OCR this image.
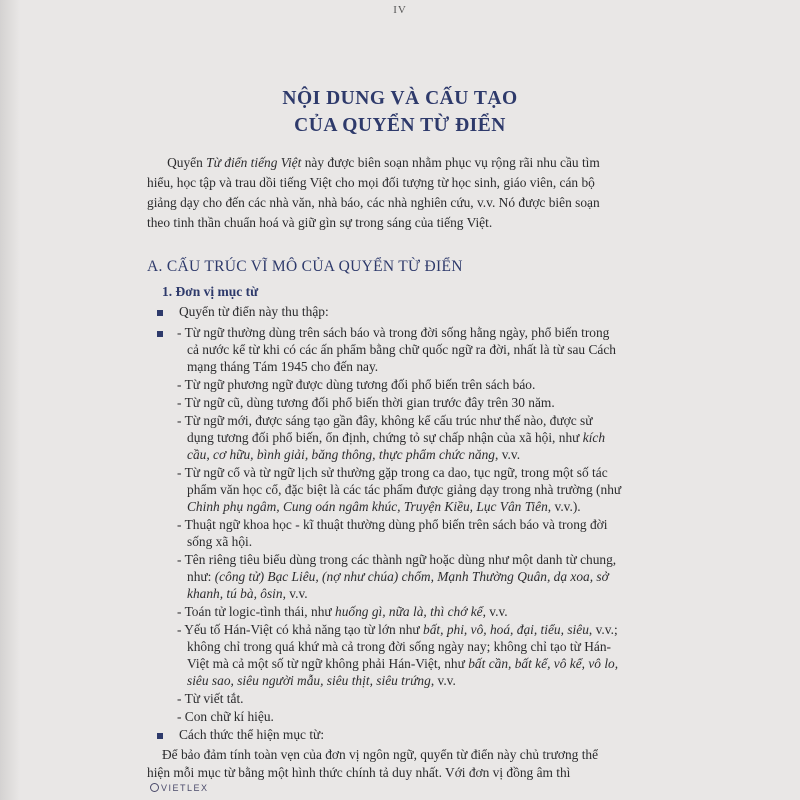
IV
NỘI DUNG VÀ CẤU TẠO
CỦA QUYỂN TỪ ĐIỂN

  Quyển Từ điển tiếng Việt này được biên soạn nhằm phục vụ rộng rãi nhu cầu tìm
hiểu, học tập và trau dồi tiếng Việt cho mọi đối tượng từ học sinh, giáo viên, cán bộ
giảng dạy cho đến các nhà văn, nhà báo, các nhà nghiên cứu, v.v. Nó được biên soạn
theo tinh thần chuẩn hoá và giữ gìn sự trong sáng của tiếng Việt.

A. CẤU TRÚC VĨ MÔ CỦA QUYỂN TỪ ĐIỂN
1. Đơn vị mục từ
Quyển từ điển này thu thập:
- Từ ngữ thường dùng trên sách báo và trong đời sống hằng ngày, phổ biến trong
cả nước kể từ khi có các ấn phẩm bằng chữ quốc ngữ ra đời, nhất là từ sau Cách
mạng tháng Tám 1945 cho đến nay.
- Từ ngữ phương ngữ được dùng tương đối phổ biến trên sách báo.
- Từ ngữ cũ, dùng tương đối phổ biến thời gian trước đây trên 30 năm.
- Từ ngữ mới, được sáng tạo gần đây, không kể cấu trúc như thế nào, được sử
dụng tương đối phổ biến, ổn định, chứng tỏ sự chấp nhận của xã hội, như kích
cầu, cơ hữu, bình giải, băng thông, thực phẩm chức năng, v.v.
- Từ ngữ cổ và từ ngữ lịch sử thường gặp trong ca dao, tục ngữ, trong một số tác
phẩm văn học cổ, đặc biệt là các tác phẩm được giảng dạy trong nhà trường (như
Chinh phụ ngâm, Cung oán ngâm khúc, Truyện Kiều, Lục Vân Tiên, v.v.).
- Thuật ngữ khoa học - kĩ thuật thường dùng phổ biến trên sách báo và trong đời
sống xã hội.
- Tên riêng tiêu biểu dùng trong các thành ngữ hoặc dùng như một danh từ chung,
như: (công tử) Bạc Liêu, (nợ như chúa) chổm, Mạnh Thường Quân, dạ xoa, sở
khanh, tú bà, ôsin, v.v.
- Toán tử logic-tình thái, như huống gì, nữa là, thì chớ kể, v.v.
- Yếu tố Hán-Việt có khả năng tạo từ lớn như bất, phi, vô, hoá, đại, tiểu, siêu, v.v.;
không chỉ trong quá khứ mà cả trong đời sống ngày nay; không chỉ tạo từ Hán-
Việt mà cả một số từ ngữ không phải Hán-Việt, như bất cần, bất kể, vô kể, vô lo,
siêu sao, siêu người mẫu, siêu thịt, siêu trứng, v.v.
- Từ viết tắt.
- Con chữ kí hiệu.
Cách thức thể hiện mục từ:
Để bảo đảm tính toàn vẹn của đơn vị ngôn ngữ, quyển từ điển này chủ trương thể
hiện mỗi mục từ bằng một hình thức chính tả duy nhất. Với đơn vị đồng âm thì
VIETLEX
